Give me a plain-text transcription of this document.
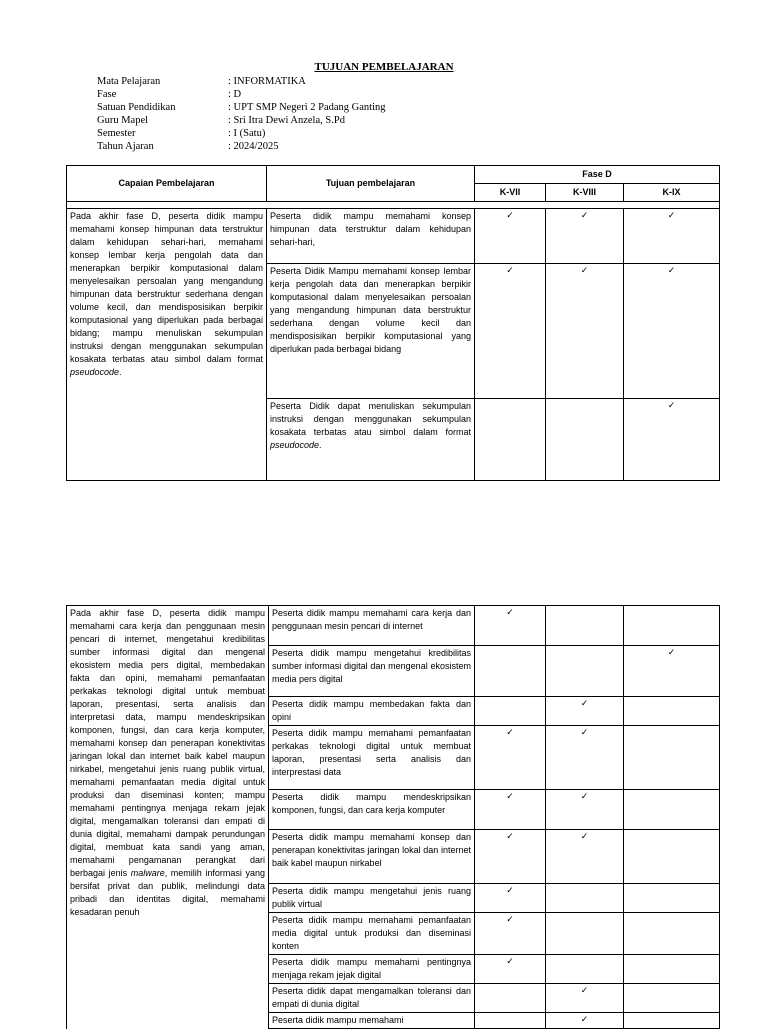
TUJUAN PEMBELAJARAN
Mata Pelajaran	: INFORMATIKA
Fase	: D
Satuan Pendidikan	: UPT SMP Negeri 2 Padang Ganting
Guru Mapel	: Sri Itra Dewi Anzela, S.Pd
Semester	: I (Satu)
Tahun Ajaran	: 2024/2025
Capaian Pembelajaran	Tujuan pembelajaran	Fase D		
		K-VII	K-VIII	K-IX

Pada akhir fase D, peserta didik mampu memahami konsep himpunan data terstruktur dalam kehidupan sehari-hari, memahami konsep lembar kerja pengolah data dan menerapkan berpikir komputasional dalam menyelesaikan persoalan yang mengandung himpunan data berstruktur sederhana dengan volume kecil, dan mendisposisikan berpikir komputasional yang diperlukan pada berbagai bidang; mampu menuliskan sekumpulan instruksi dengan menggunakan sekumpulan kosakata terbatas atau simbol dalam format pseudocode.	Peserta didik mampu memahami konsep himpunan data terstruktur dalam kehidupan sehari-hari,	✓	✓	✓
	Peserta Didik Mampu memahami konsep lembar kerja pengolah data dan menerapkan berpikir komputasional dalam menyelesaikan persoalan yang mengandung himpunan data berstruktur sederhana dengan volume kecil dan mendisposisikan berpikir komputasional yang diperlukan pada berbagai bidang	✓	✓	✓
	Peserta Didik dapat menuliskan sekumpulan instruksi dengan menggunakan sekumpulan kosakata terbatas atau simbol dalam format pseudocode.			✓
Pada akhir fase D, peserta didik mampu memahami cara kerja dan penggunaan mesin pencari di internet, mengetahui kredibilitas sumber informasi digital dan mengenal ekosistem media pers digital, membedakan fakta dan opini, memahami pemanfaatan perkakas teknologi digital untuk membuat laporan, presentasi, serta analisis dan interpretasi data, mampu mendeskripsikan komponen, fungsi, dan cara kerja komputer, memahami konsep dan penerapan konektivitas jaringan lokal dan internet baik kabel maupun nirkabel, mengetahui jenis ruang publik virtual, memahami pemanfaatan media digital untuk produksi dan diseminasi konten; mampu memahami pentingnya menjaga rekam jejak digital, mengamalkan toleransi dan empati di dunia digital, memahami dampak perundungan digital, membuat kata sandi yang aman, memahami pengamanan perangkat dari berbagai jenis malware, memilih informasi yang bersifat privat dan publik, melindungi data pribadi dan identitas digital, memahami kesadaran penuh	Peserta didik mampu memahami cara kerja dan penggunaan mesin pencari di internet	✓		
	Peserta didik mampu mengetahui kredibilitas sumber informasi digital dan mengenal ekosistem media pers digital			✓
	Peserta didik mampu membedakan fakta dan opini		✓	
	Peserta didik mampu memahami pemanfaatan perkakas teknologi digital untuk membuat laporan, presentasi serta analisis dan interprestasi data	✓	✓	
	Peserta didik mampu mendeskripsikan komponen, fungsi, dan cara kerja komputer	✓	✓	
	Peserta didik mampu memahami konsep dan penerapan konektivitas jaringan lokal dan internet baik kabel maupun nirkabel	✓	✓	
	Peserta didik mampu mengetahui jenis ruang publik virtual	✓		
	Peserta didik mampu memahami pemanfaatan media digital untuk produksi dan diseminasi konten	✓		
	Peserta didik mampu memahami pentingnya menjaga rekam jejak digital	✓		
	Peserta didik dapat mengamalkan toleransi dan empati di dunia digital		✓	
	Peserta didik mampu memahami		✓	
